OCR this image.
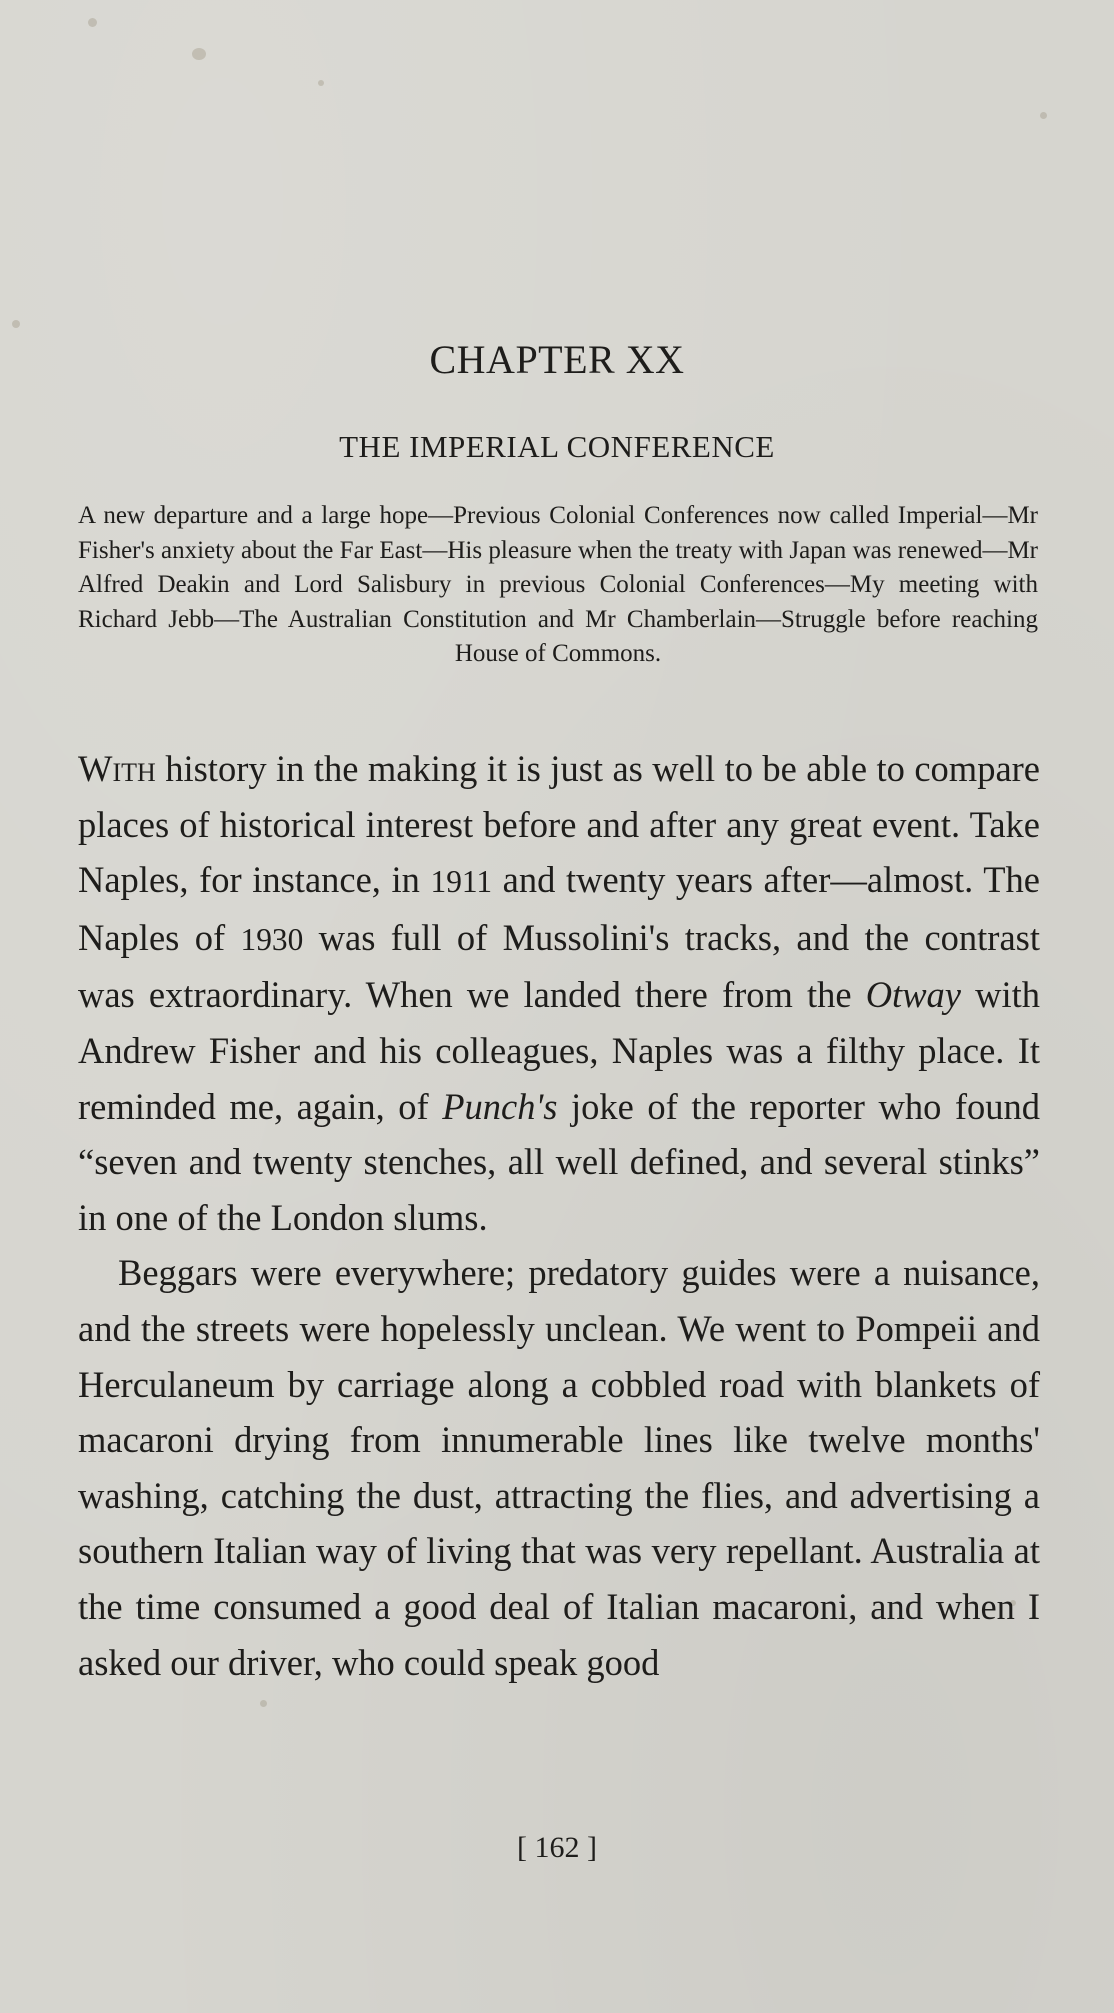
CHAPTER XX
THE IMPERIAL CONFERENCE
A new departure and a large hope—Previous Colonial Conferences now called Imperial—Mr Fisher's anxiety about the Far East—His pleasure when the treaty with Japan was renewed—Mr Alfred Deakin and Lord Salisbury in previous Colonial Conferences—My meeting with Richard Jebb—The Australian Constitution and Mr Chamberlain—Struggle before reaching House of Commons.

With history in the making it is just as well to be able to compare places of historical interest before and after any great event. Take Naples, for instance, in 1911 and twenty years after—almost. The Naples of 1930 was full of Mussolini's tracks, and the contrast was extraordinary. When we landed there from the Otway with Andrew Fisher and his colleagues, Naples was a filthy place. It reminded me, again, of Punch's joke of the reporter who found “seven and twenty stenches, all well defined, and several stinks” in one of the London slums.

Beggars were everywhere; predatory guides were a nuisance, and the streets were hopelessly unclean. We went to Pompeii and Herculaneum by carriage along a cobbled road with blankets of macaroni drying from innumerable lines like twelve months' washing, catching the dust, attracting the flies, and advertising a southern Italian way of living that was very repellant. Australia at the time consumed a good deal of Italian macaroni, and when I asked our driver, who could speak good

[ 162 ]
